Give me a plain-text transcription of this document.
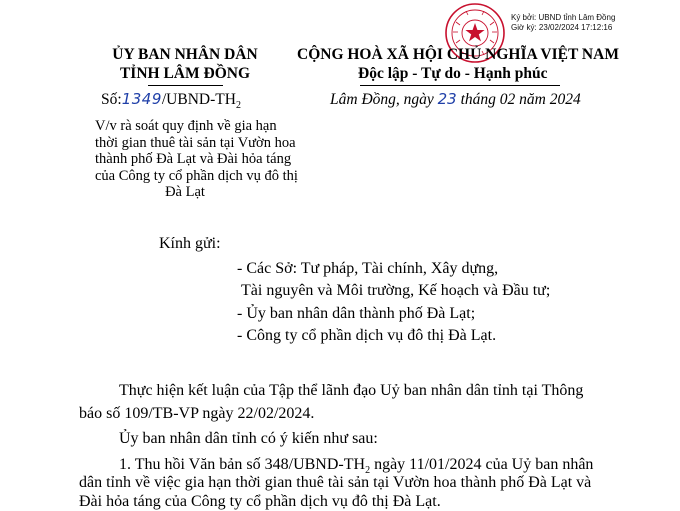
Ký bởi: UBND tỉnh Lâm Đồng
Giờ ký: 23/02/2024 17:12:16
ỦY BAN NHÂN DÂN
TỈNH LÂM ĐỒNG
$Số:1349/UBND-TH_2$
V/v rà soát quy định về gia hạn
thời gian thuê tài sản tại Vườn hoa
thành phố Đà Lạt và Đài hỏa táng
của Công ty cổ phần dịch vụ đô thị
Đà Lạt
CỘNG HOÀ XÃ HỘI CHỦ NGHĨA VIỆT NAM
Độc lập - Tự do - Hạnh phúc
Lâm Đồng, ngày 23 tháng 02 năm 2024
Kính gửi:
- Các Sở: Tư pháp, Tài chính, Xây dựng,
Tài nguyên và Môi trường, Kế hoạch và Đầu tư;
- Ủy ban nhân dân thành phố Đà Lạt;
- Công ty cổ phần dịch vụ đô thị Đà Lạt.
Thực hiện kết luận của Tập thể lãnh đạo Uỷ ban nhân dân tỉnh tại Thông
báo số 109/TB-VP ngày 22/02/2024.
Ủy ban nhân dân tỉnh có ý kiến như sau:
1. Thu hồi Văn bản số $348/UBND-TH_2$ ngày 11/01/2024 của Uỷ ban nhân
dân tỉnh về việc gia hạn thời gian thuê tài sản tại Vườn hoa thành phố Đà Lạt và
Đài hỏa táng của Công ty cổ phần dịch vụ đô thị Đà Lạt.
